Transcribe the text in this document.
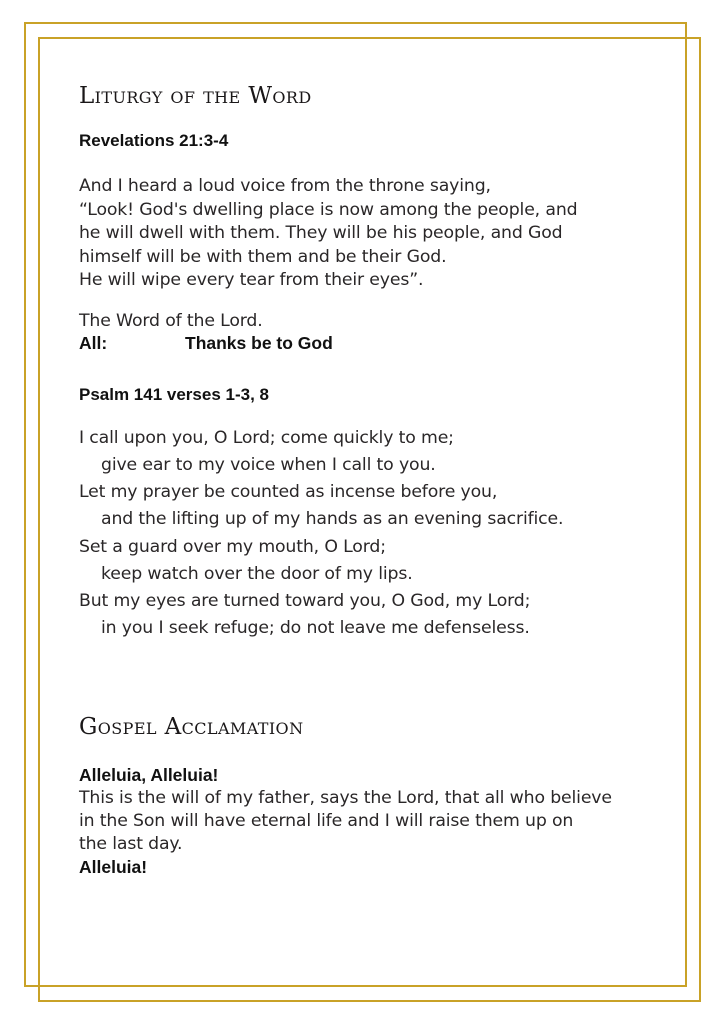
Liturgy of the Word
Revelations 21:3-4
And I heard a loud voice from the throne saying,
“Look! God's dwelling place is now among the people, and
he will dwell with them. They will be his people, and God
himself will be with them and be their God.
He will wipe every tear from their eyes”.
The Word of the Lord.
All:	Thanks be to God
Psalm 141 verses 1-3, 8
I call upon you, O Lord; come quickly to me;
give ear to my voice when I call to you.
Let my prayer be counted as incense before you,
and the lifting up of my hands as an evening sacrifice.
Set a guard over my mouth, O Lord;
keep watch over the door of my lips.
But my eyes are turned toward you, O God, my Lord;
in you I seek refuge; do not leave me defenseless.
Gospel Acclamation
Alleluia, Alleluia!
This is the will of my father, says the Lord, that all who believe
in the Son will have eternal life and I will raise them up on
the last day.
Alleluia!
